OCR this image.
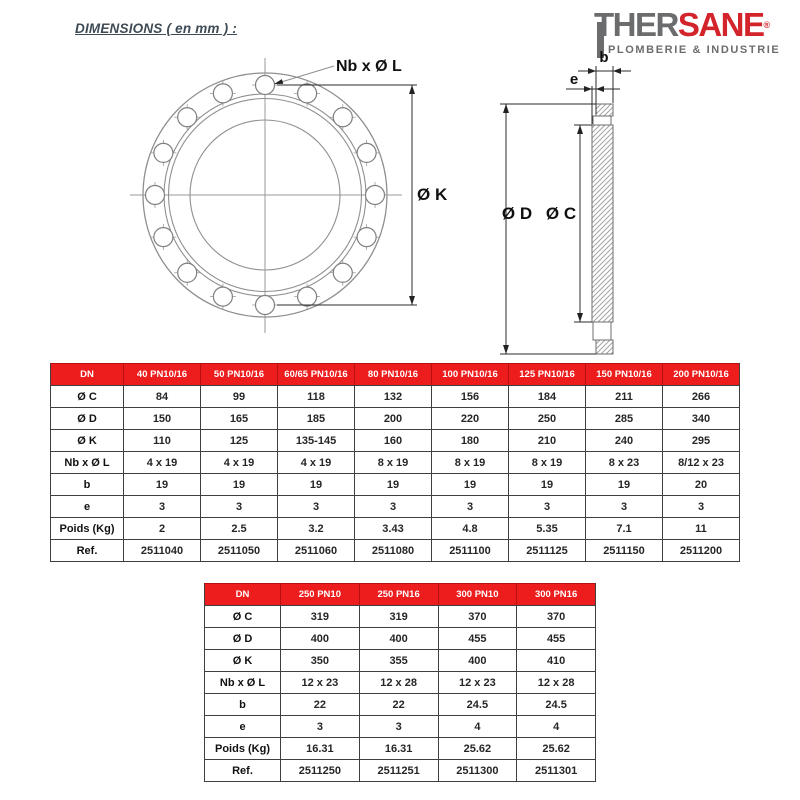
DIMENSIONS ( en mm ) :	THERSANE®
PLOMBERIE & INDUSTRIE
Nb x Ø L
Ø K
Ø D Ø C
b
e
DN	40 PN10/16	50 PN10/16	60/65 PN10/16	80 PN10/16	100 PN10/16	125 PN10/16	150 PN10/16	200 PN10/16
Ø C	84	99	118	132	156	184	211	266
Ø D	150	165	185	200	220	250	285	340
Ø K	110	125	135-145	160	180	210	240	295
Nb x Ø L	4 x 19	4 x 19	4 x 19	8 x 19	8 x 19	8 x 19	8 x 23	8/12 x 23
b	19	19	19	19	19	19	19	20
e	3	3	3	3	3	3	3	3
Poids (Kg)	2	2.5	3.2	3.43	4.8	5.35	7.1	11
Ref.	2511040	2511050	2511060	2511080	2511100	2511125	2511150	2511200
DN	250 PN10	250 PN16	300 PN10	300 PN16
Ø C	319	319	370	370
Ø D	400	400	455	455
Ø K	350	355	400	410
Nb x Ø L	12 x 23	12 x 28	12 x 23	12 x 28
b	22	22	24.5	24.5
e	3	3	4	4
Poids (Kg)	16.31	16.31	25.62	25.62
Ref.	2511250	2511251	2511300	2511301
